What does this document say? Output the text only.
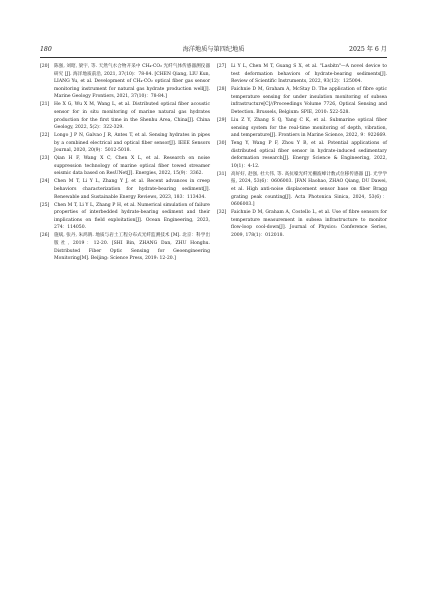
180	海洋地质与第四纪地质	2025 年 6 月
[20]	陈强, 刘昭, 梁宇, 等. 天然气水合物开采中 CH₄-CO₂ 光纤气体传感器测仪器研究 [J]. 海洋地质前沿, 2021, 37(10)：78-84. [CHEN Qiang, LIU Kun, LIANG Yu, et al. Development of CH₄-CO₂ optical fiber gas sensor monitoring instrument for natural gas hydrate production well[J]. Marine Geology Frontiers, 2021, 37(10)：78-84.]
[21]	He X G, Wu X M, Wang L, et al. Distributed optical fiber acoustic sensor for in situ monitoring of marine natural gas hydrates production for the first time in the Shenhu Area, China[J]. China Geology, 2022, 5(2)：322-329.
[22]	Longo J P N, Galvao J R, Antes T, et al. Sensing hydrates in pipes by a combined electrical and optical fiber sensor[J]. IEEE Sensors Journal, 2020, 20(9)：5012-5018.
[23]	Qian H F, Wang X C, Chen X L, et al. Research on noise suppression technology of marine optical fiber towed streamer seismic data based on ResUNet[J]. Energies, 2022, 15(9)：3362.
[24]	Chen M T, Li Y L, Zhang Y J, et al. Recent advances in creep behaviors characterization for hydrate-bearing sediment[J]. Renewable and Sustainable Energy Reviews, 2023, 183：113434.
[25]	Chen M T, Li Y L, Zhang P H, et al. Numerical simulation of failure properties of interbedded hydrate-bearing sediment and their implications on field exploitation[J]. Ocean Engineering, 2023, 274：114050.
[26]	施斌, 张丹, 朱鸿鹄. 地质与岩土工程分布式光纤监测技术 [M]. 北京：科学出版社, 2019：12-20. [SHI Bin, ZHANG Dan, ZHU Honghu. Distributed Fiber Optic Sensing for Geoengineering Monitoring[M]. Beijing: Science Press, 2019: 12-20.]
[27]	Li Y L, Chen M T, Guang S X, et al. "Lasbitn"—A novel device to test deformation behaviors of hydrate-bearing sediments[J]. Review of Scientific Instruments, 2022, 93(12)：125004.
[28]	Faichnie D M, Graham A, McStay D. The application of fibre optic temperature sensing for under insulation monitoring of subsea infrastructure[C]//Proceedings Volume 7726, Optical Sensing and Detection. Brussels, Belgium: SPIE, 2010: 522-528.
[29]	Liu Z Y, Zhang S Q, Yang C K, et al. Submarine optical fiber sensing system for the real-time monitoring of depth, vibration, and temperature[J]. Frontiers in Marine Science, 2022, 9：922669.
[30]	Teng Y, Wang P F, Zhou Y B, et al. Potential applications of distributed optical fiber sensor in hydrate-induced sedimentary deformation research[J]. Energy Science & Engineering, 2022, 10(1)：4-12.
[31]	高好好, 赵强, 杜大伟, 等. 高抗噪光纤光栅波峰计数式位移传感器 [J]. 光学学报, 2024, 53(6)：0606003. [FAN Haohao, ZHAO Qiang, DU Dawei, et al. High anti-noise displacement sensor base on fiber Bragg grating peak counting[J]. Acta Photonica Sinica, 2024, 53(6)：0606003.]
[32]	Faichnie D M, Graham A, Costello L, et al. Use of fibre sensors for temperature measurement in subsea infrastructure to monitor flow-loop cool-down[J]. Journal of Physics: Conference Series, 2009, 178(1)：012018.
